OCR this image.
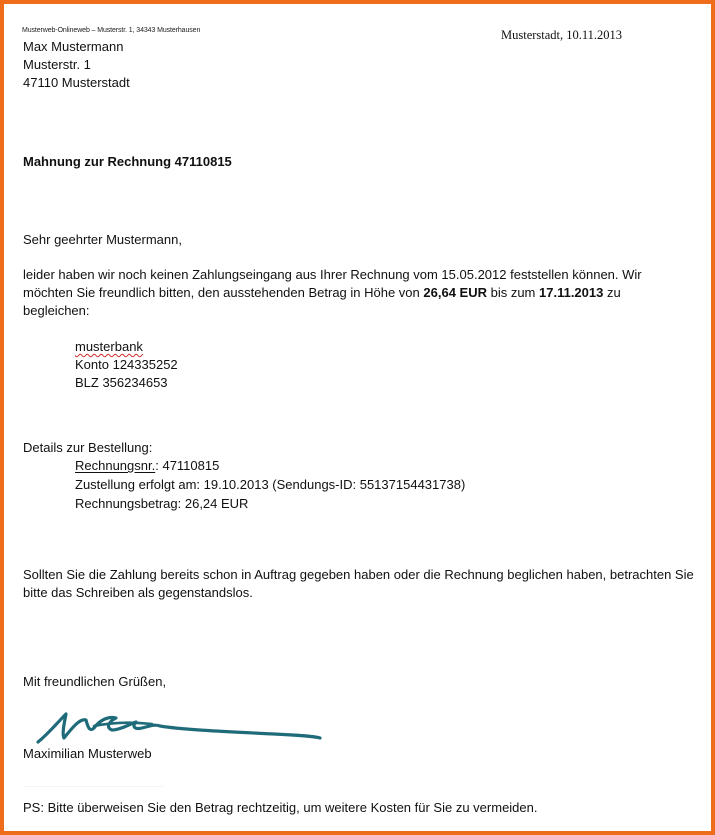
Musterweb-Onlineweb – Musterstr. 1, 34343 Musterhausen	Musterstadt, 10.11.2013
Max Mustermann
Musterstr. 1
47110 Musterstadt
Mahnung zur Rechnung 47110815
Sehr geehrter Mustermann,
leider haben wir noch keinen Zahlungseingang aus Ihrer Rechnung vom 15.05.2012 feststellen können. Wir möchten Sie freundlich bitten, den ausstehenden Betrag in Höhe von 26,64 EUR bis zum 17.11.2013 zu begleichen:
musterbank
Konto 124335252
BLZ 356234653
Details zur Bestellung:
Rechnungsnr.: 47110815
Zustellung erfolgt am: 19.10.2013 (Sendungs-ID: 55137154431738)
Rechnungsbetrag: 26,24 EUR
Sollten Sie die Zahlung bereits schon in Auftrag gegeben haben oder die Rechnung beglichen haben, betrachten Sie bitte das Schreiben als gegenstandslos.
Mit freundlichen Grüßen,
Maximilian Musterweb
PS: Bitte überweisen Sie den Betrag rechtzeitig, um weitere Kosten für Sie zu vermeiden.
